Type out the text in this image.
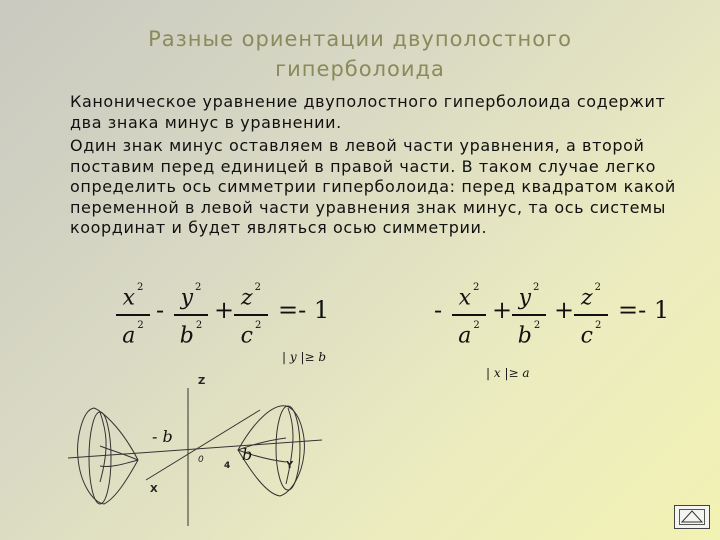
Разные ориентации двуполостного
гиперболоида

Каноническое уравнение двуполостного гиперболоида содержит два знака минус в уравнении.

Один знак минус оставляем в левой части уравнения, а второй поставим перед единицей в правой части. В таком случае легко определить ось симметрии гиперболоида: перед квадратом какой переменной в левой части уравнения знак минус, та ось системы координат и будет являться осью симметрии.

x $^2$
a $^2$
- y $^2$
b $^2$
+ z $^2$
c $^2$
=- 1
| y |≥ b
- x $^2$
a $^2$
+ y $^2$
b $^2$
+ z $^2$
c $^2$
=- 1
| x |≥ a
Z
X
Y
0
4
- b
b
